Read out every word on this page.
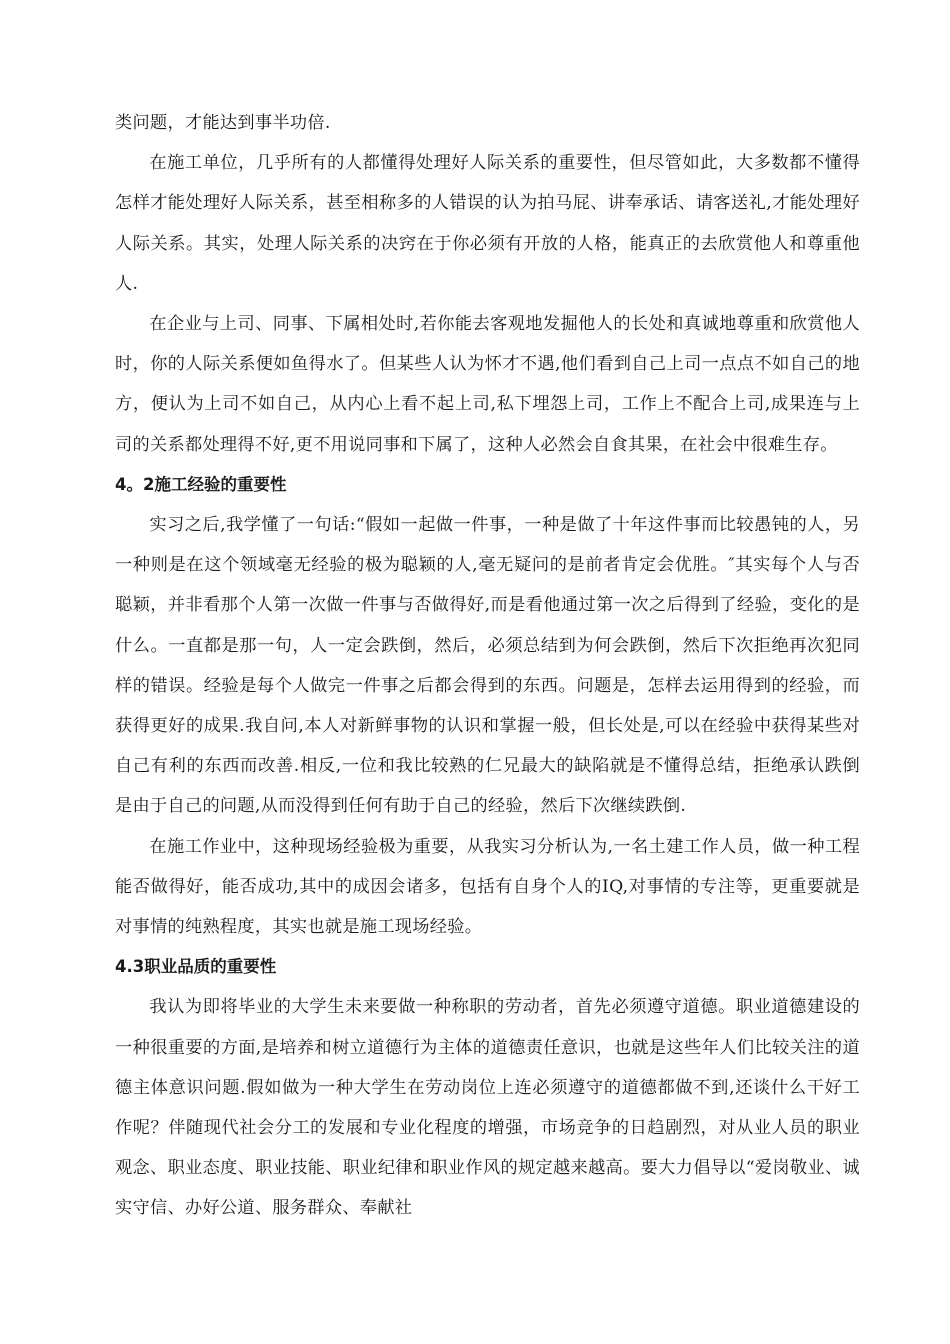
类问题，才能达到事半功倍.

在施工单位，几乎所有的人都懂得处理好人际关系的重要性，但尽管如此，大多数都不懂得怎样才能处理好人际关系，甚至相称多的人错误的认为拍马屁、讲奉承话、请客送礼,才能处理好人际关系。其实，处理人际关系的决窍在于你必须有开放的人格，能真正的去欣赏他人和尊重他人.

在企业与上司、同事、下属相处时,若你能去客观地发掘他人的长处和真诚地尊重和欣赏他人时，你的人际关系便如鱼得水了。但某些人认为怀才不遇,他们看到自己上司一点点不如自己的地方，便认为上司不如自己，从内心上看不起上司,私下埋怨上司，工作上不配合上司,成果连与上司的关系都处理得不好,更不用说同事和下属了，这种人必然会自食其果，在社会中很难生存。

4。2施工经验的重要性

实习之后,我学懂了一句话:“假如一起做一件事，一种是做了十年这件事而比较愚钝的人，另一种则是在这个领域毫无经验的极为聪颖的人,毫无疑问的是前者肯定会优胜。″其实每个人与否聪颖，并非看那个人第一次做一件事与否做得好,而是看他通过第一次之后得到了经验，变化的是什么。一直都是那一句，人一定会跌倒，然后，必须总结到为何会跌倒，然后下次拒绝再次犯同样的错误。经验是每个人做完一件事之后都会得到的东西。问题是，怎样去运用得到的经验，而获得更好的成果.我自问,本人对新鲜事物的认识和掌握一般，但长处是,可以在经验中获得某些对自己有利的东西而改善.相反,一位和我比较熟的仁兄最大的缺陷就是不懂得总结，拒绝承认跌倒是由于自己的问题,从而没得到任何有助于自己的经验，然后下次继续跌倒.

在施工作业中，这种现场经验极为重要，从我实习分析认为,一名土建工作人员，做一种工程能否做得好，能否成功,其中的成因会诸多，包括有自身个人的IQ,对事情的专注等，更重要就是对事情的纯熟程度，其实也就是施工现场经验。

4.3职业品质的重要性

我认为即将毕业的大学生未来要做一种称职的劳动者，首先必须遵守道德。职业道德建设的一种很重要的方面,是培养和树立道德行为主体的道德责任意识，也就是这些年人们比较关注的道德主体意识问题.假如做为一种大学生在劳动岗位上连必须遵守的道德都做不到,还谈什么干好工作呢？伴随现代社会分工的发展和专业化程度的增强，市场竞争的日趋剧烈，对从业人员的职业观念、职业态度、职业技能、职业纪律和职业作风的规定越来越高。要大力倡导以“爱岗敬业、诚实守信、办好公道、服务群众、奉献社
